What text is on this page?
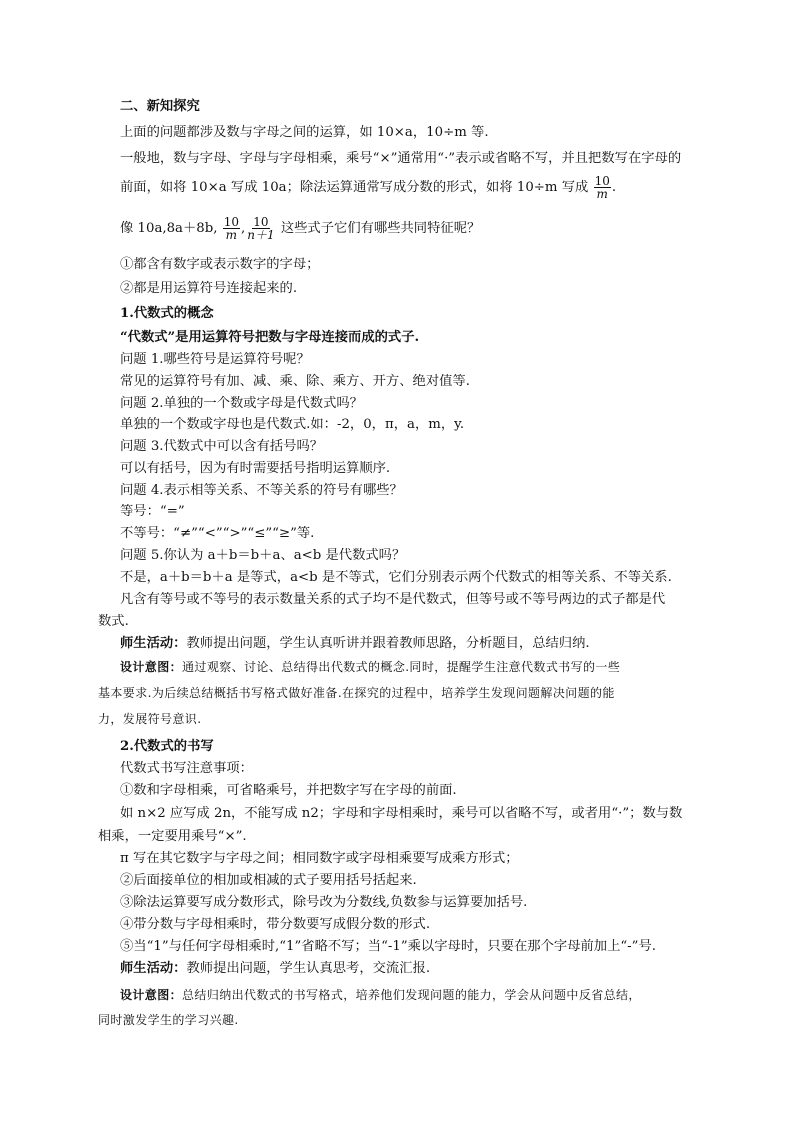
二、新知探究
上面的问题都涉及数与字母之间的运算，如 10×a，10÷m 等.
一般地，数与字母、字母与字母相乘，乘号“×”通常用“·”表示或省略不写，并且把数写在字母的
前面，如将 10×a 写成 10a；除法运算通常写成分数的形式，如将 10÷m 写成 $\frac{10}{m}$ .
像 10a,8a＋8b, $\frac{10}{m}$ , $\frac{10}{n+1}$ 这些式子它们有哪些共同特征呢？
①都含有数字或表示数字的字母；
②都是用运算符号连接起来的.
1.代数式的概念
“代数式”是用运算符号把数与字母连接而成的式子.
问题 1.哪些符号是运算符号呢？
常见的运算符号有加、减、乘、除、乘方、开方、绝对值等.
问题 2.单独的一个数或字母是代数式吗？
单独的一个数或字母也是代数式.如：-2，0，π，a，m，y.
问题 3.代数式中可以含有括号吗？
可以有括号，因为有时需要括号指明运算顺序.
问题 4.表示相等关系、不等关系的符号有哪些？
等号：“=”
不等号：“≠”“<”“>”“≤”“≥”等.
问题 5.你认为 a＋b＝b＋a、a<b 是代数式吗？
不是，a＋b＝b＋a 是等式，a<b 是不等式，它们分别表示两个代数式的相等关系、不等关系.
凡含有等号或不等号的表示数量关系的式子均不是代数式，但等号或不等号两边的式子都是代
数式.
师生活动：教师提出问题，学生认真听讲并跟着教师思路，分析题目，总结归纳.
设计意图：通过观察、讨论、总结得出代数式的概念.同时，提醒学生注意代数式书写的一些
基本要求.为后续总结概括书写格式做好准备.在探究的过程中，培养学生发现问题解决问题的能
力，发展符号意识.
2.代数式的书写
代数式书写注意事项：
①数和字母相乘，可省略乘号，并把数字写在字母的前面.
如 n×2 应写成 2n，不能写成 n2；字母和字母相乘时，乘号可以省略不写，或者用“·”；数与数
相乘，一定要用乘号“×”.
π 写在其它数字与字母之间；相同数字或字母相乘要写成乘方形式；
②后面接单位的相加或相减的式子要用括号括起来.
③除法运算要写成分数形式，除号改为分数线,负数参与运算要加括号.
④带分数与字母相乘时，带分数要写成假分数的形式.
⑤当“1”与任何字母相乘时,“1”省略不写；当“-1”乘以字母时，只要在那个字母前加上“-”号.
师生活动：教师提出问题，学生认真思考，交流汇报.
设计意图：总结归纳出代数式的书写格式，培养他们发现问题的能力，学会从问题中反省总结，
同时激发学生的学习兴趣.
